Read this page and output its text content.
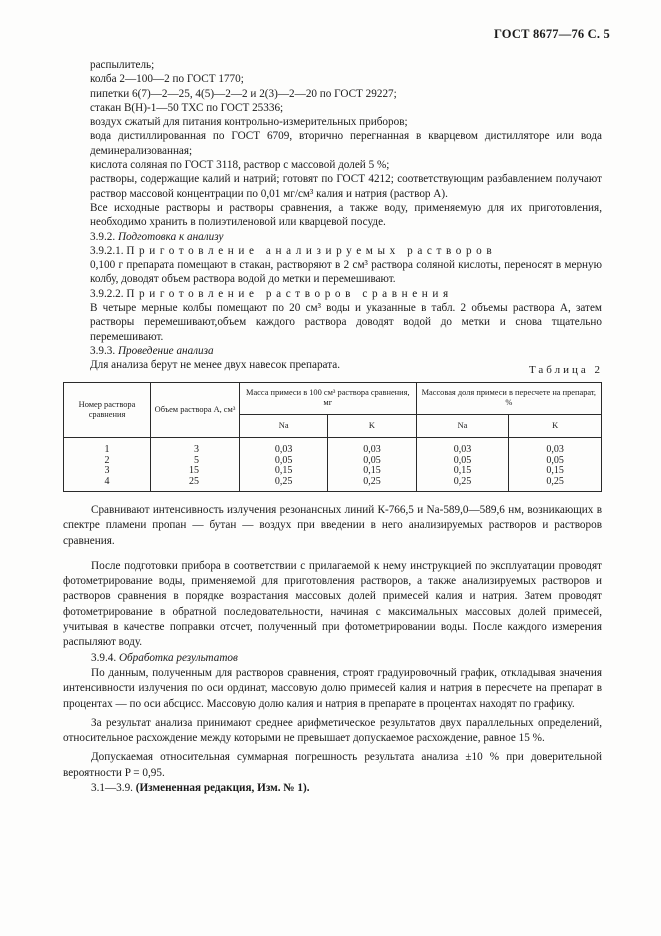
ГОСТ 8677—76 С. 5
распылитель;
колба 2—100—2 по ГОСТ 1770;
пипетки 6(7)—2—25, 4(5)—2—2 и 2(3)—2—20 по ГОСТ 29227;
стакан В(Н)-1—50 ТХС по ГОСТ 25336;
воздух сжатый для питания контрольно-измерительных приборов;

вода дистиллированная по ГОСТ 6709, вторично перегнанная в кварцевом дистилляторе или вода деминерализованная;

кислота соляная по ГОСТ 3118, раствор с массовой долей 5 %;

растворы, содержащие калий и натрий; готовят по ГОСТ 4212; соответствующим разбавлением получают раствор массовой концентрации по 0,01 мг/см³ калия и натрия (раствор А).

Все исходные растворы и растворы сравнения, а также воду, применяемую для их приготовления, необходимо хранить в полиэтиленовой или кварцевой посуде.

3.9.2. Подготовка к анализу
3.9.2.1. Приготовление анализируемых растворов

0,100 г препарата помещают в стакан, растворяют в 2 см³ раствора соляной кислоты, переносят в мерную колбу, доводят объем раствора водой до метки и перемешивают.

3.9.2.2. Приготовление растворов сравнения

В четыре мерные колбы помещают по 20 см³ воды и указанные в табл. 2 объемы раствора А, затем растворы перемешивают,объем каждого раствора доводят водой до метки и снова тщательно перемешивают.

3.9.3. Проведение анализа

Для анализа берут не менее двух навесок препарата.	Таблица 2
Номер раствора сравнения	Объем раствора А, см³	Масса примеси в 100 см³ раствора сравнения, мг		Массовая доля примеси в пересчете на препарат, %	
		Na	K	Na	K
1	3	0,03	0,03	0,03	0,03
2	5	0,05	0,05	0,05	0,05
3	15	0,15	0,15	0,15	0,15
4	25	0,25	0,25	0,25	0,25

Сравнивают интенсивность излучения резонансных линий К-766,5 и Na-589,0—589,6 нм, возникающих в спектре пламени пропан — бутан — воздух при введении в него анализируемых растворов и растворов сравнения.

После подготовки прибора в соответствии с прилагаемой к нему инструкцией по эксплуатации проводят фотометрирование воды, применяемой для приготовления растворов, а также анализируемых растворов и растворов сравнения в порядке возрастания массовых долей примесей калия и натрия. Затем проводят фотометрирование в обратной последовательности, начиная с максимальных массовых долей примесей, учитывая в качестве поправки отсчет, полученный при фотометрировании воды. После каждого измерения распыляют воду.

3.9.4. Обработка результатов

По данным, полученным для растворов сравнения, строят градуировочный график, откладывая значения интенсивности излучения по оси ординат, массовую долю примесей калия и натрия в пересчете на препарат в процентах — по оси абсцисс. Массовую долю калия и натрия в препарате в процентах находят по графику.

За результат анализа принимают среднее арифметическое результатов двух параллельных определений, относительное расхождение между которыми не превышает допускаемое расхождение, равное 15 %.

Допускаемая относительная суммарная погрешность результата анализа ±10 % при доверительной вероятности P = 0,95.

3.1—3.9. (Измененная редакция, Изм. № 1).
